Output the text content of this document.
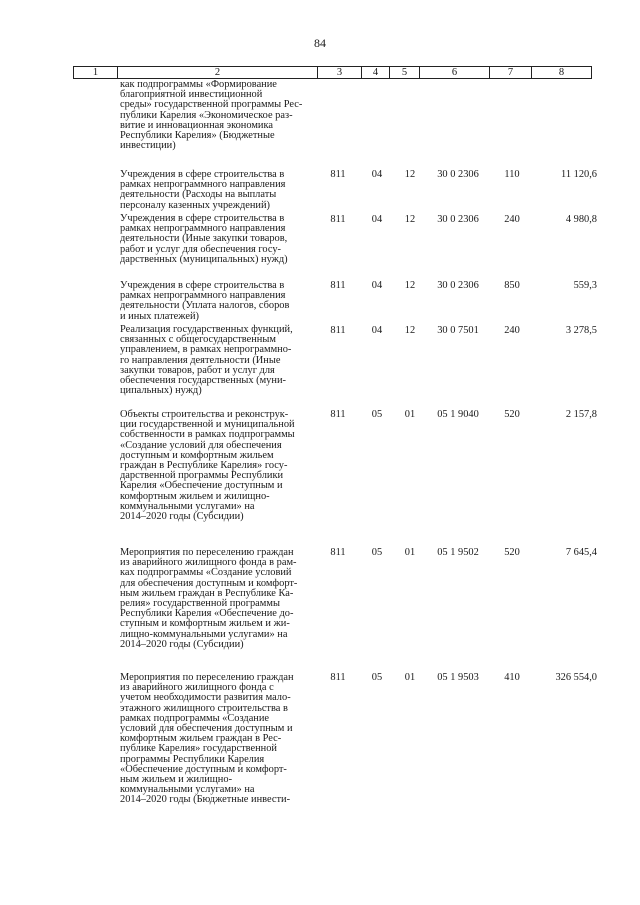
84
1	2	3	4	5	6	7	8
как подпрограммы «Формирование
благоприятной инвестиционной
среды» государственной программы Рес-
публики Карелия «Экономическое раз-
витие и инновационная экономика
Республики Карелия» (Бюджетные
инвестиции)
Учреждения в сфере строительства в
рамках непрограммного направления
деятельности (Расходы на выплаты
персоналу казенных учреждений)
811	04	12	30 0 2306	110	11 120,6
Учреждения в сфере строительства в
рамках непрограммного направления
деятельности (Иные закупки товаров,
работ и услуг для обеспечения госу-
дарственных (муниципальных) нужд)
811	04	12	30 0 2306	240	4 980,8
Учреждения в сфере строительства в
рамках непрограммного направления
деятельности (Уплата налогов, сборов
и иных платежей)
811	04	12	30 0 2306	850	559,3
Реализация государственных функций,
связанных с общегосударственным
управлением, в рамках непрограммно-
го направления деятельности (Иные
закупки товаров, работ и услуг для
обеспечения государственных (муни-
ципальных) нужд)
811	04	12	30 0 7501	240	3 278,5
Объекты строительства и реконструк-
ции государственной и муниципальной
собственности в рамках подпрограммы
«Создание условий для обеспечения
доступным и комфортным жильем
граждан в Республике Карелия» госу-
дарственной программы Республики
Карелия «Обеспечение доступным и
комфортным жильем и жилищно-
коммунальными услугами» на
2014–2020 годы (Субсидии)
811	05	01	05 1 9040	520	2 157,8
Мероприятия по переселению граждан
из аварийного жилищного фонда в рам-
ках подпрограммы «Создание условий
для обеспечения доступным и комфорт-
ным жильем граждан в Республике Ка-
релия» государственной программы
Республики Карелия «Обеспечение до-
ступным и комфортным жильем и жи-
лищно-коммунальными услугами» на
2014–2020 годы (Субсидии)
811	05	01	05 1 9502	520	7 645,4
Мероприятия по переселению граждан
из аварийного жилищного фонда с
учетом необходимости развития мало-
этажного жилищного строительства в
рамках подпрограммы «Создание
условий для обеспечения доступным и
комфортным жильем граждан в Рес-
публике Карелия» государственной
программы Республики Карелия
«Обеспечение доступным и комфорт-
ным жильем и жилищно-
коммунальными услугами» на
2014–2020 годы (Бюджетные инвести-
811	05	01	05 1 9503	410	326 554,0
